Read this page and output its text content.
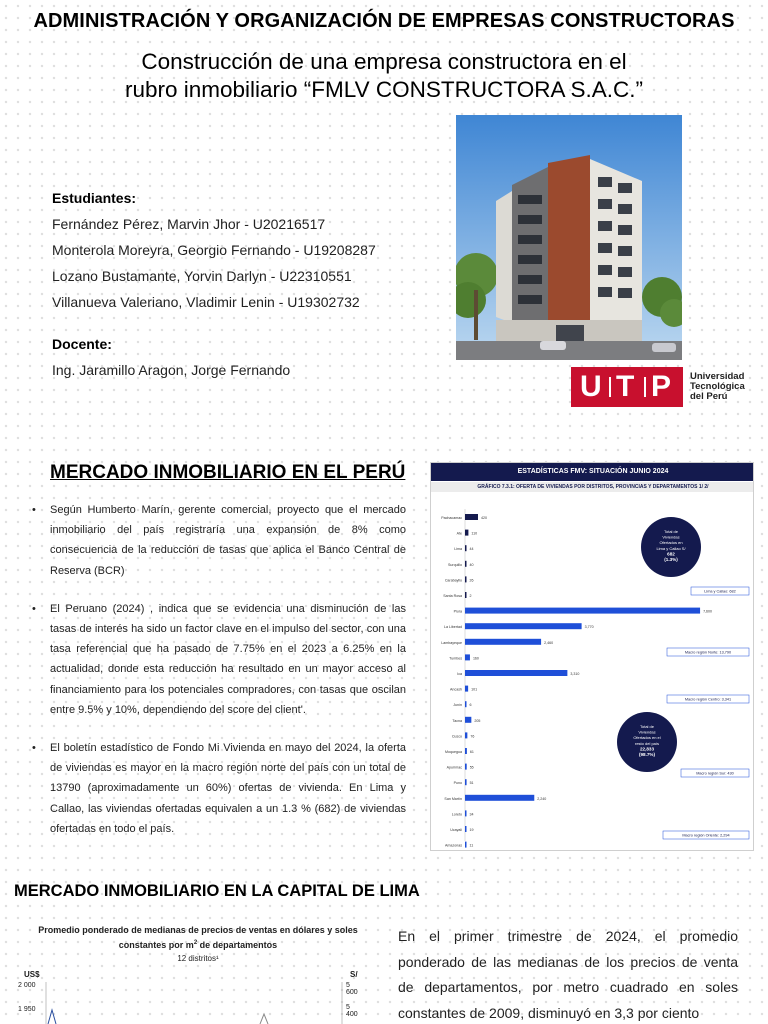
ADMINISTRACIÓN Y ORGANIZACIÓN DE EMPRESAS CONSTRUCTORAS
Construcción de una empresa constructora en el
rubro inmobiliario “FMLV CONSTRUCTORA S.A.C.”
Estudiantes:
Fernández Pérez, Marvin Jhor - U20216517
Monterola Moreyra, Georgio Fernando - U19208287
Lozano Bustamante, Yorvin Darlyn - U22310551
Villanueva Valeriano, Vladimir Lenin - U19302732
Docente:
Ing. Jaramillo Aragon, Jorge Fernando	U T P Universidad
Tecnológica
del Perú
MERCADO INMOBILIARIO EN EL PERÚ
• Según Humberto Marín, gerente comercial, proyecto que el mercado inmobiliario del país registraría una expansión de 8% como consecuencia de la reducción de tasas que aplica el Banco Central de Reserva (BCR)
• El Peruano (2024) , indica que se evidencia una disminución de las tasas de interés ha sido un factor clave en el impulso del sector, con una tasa referencial que ha pasado de 7.75% en el 2023 a 6.25% en la actualidad, donde esta reducción ha resultado en un mayor acceso al financiamiento para los potenciales compradores, con tasas que oscilan entre 9.5% y 10%, dependiendo del score del client'.
• El boletín estadístico de Fondo Mi Vivienda en mayo del 2024, la oferta de viviendas es mayor en la macro región norte del país con un total de 13790 (aproximadamente un 60%) ofertas de vivienda. En Lima y Callao, las viviendas ofertadas equivalen a un 1.3 % (682) de viviendas ofertadas en todo el país.
ESTADÍSTICAS FMV: SITUACIÓN JUNIO 2024
GRÁFICO 7.3.1: OFERTA DE VIVIENDAS POR DISTRITOS, PROVINCIAS Y DEPARTAMENTOS 1/ 2/
Pachacamac	420
Ate	110
Lima 44
Surquillo 40
Carabayllo 26
Santa Rosa 2
Piura	7,600
La Libertad	3,770
Lambayeque	2,460
Tumbes	160
Ica	3,310
Ancash	101
Junín 6
Tacna	205
Cusco 76
Moquegua 61
Apurímac 55
Puno 51
San Martín	2,240
Loreto 34
Ucayali 19
Amazonas 11
Total de
Viviendas
Ofertados en
Lima y Callao S/
682
(1.3%)
Total de
Viviendas
Ofertados en el
resto del país
22,833
(98.7%)
Lima y Callao: 682
Macro región Norte: 13,790
Macro región Centro: 3,341
Macro región Sur: 430
Macro región Oriente: 2,294
MERCADO INMOBILIARIO EN LA CAPITAL DE LIMA
Promedio ponderado de medianas de precios de ventas en dólares y soles
constantes por $m^2$ de departamentos
12 distritos¹
US$	S/
2 000
1 950
5 600
5 400
En el primer trimestre de 2024, el promedio ponderado de las medianas de los precios de venta de departamentos, por metro cuadrado en soles constantes de 2009, disminuyó en 3,3 por ciento
